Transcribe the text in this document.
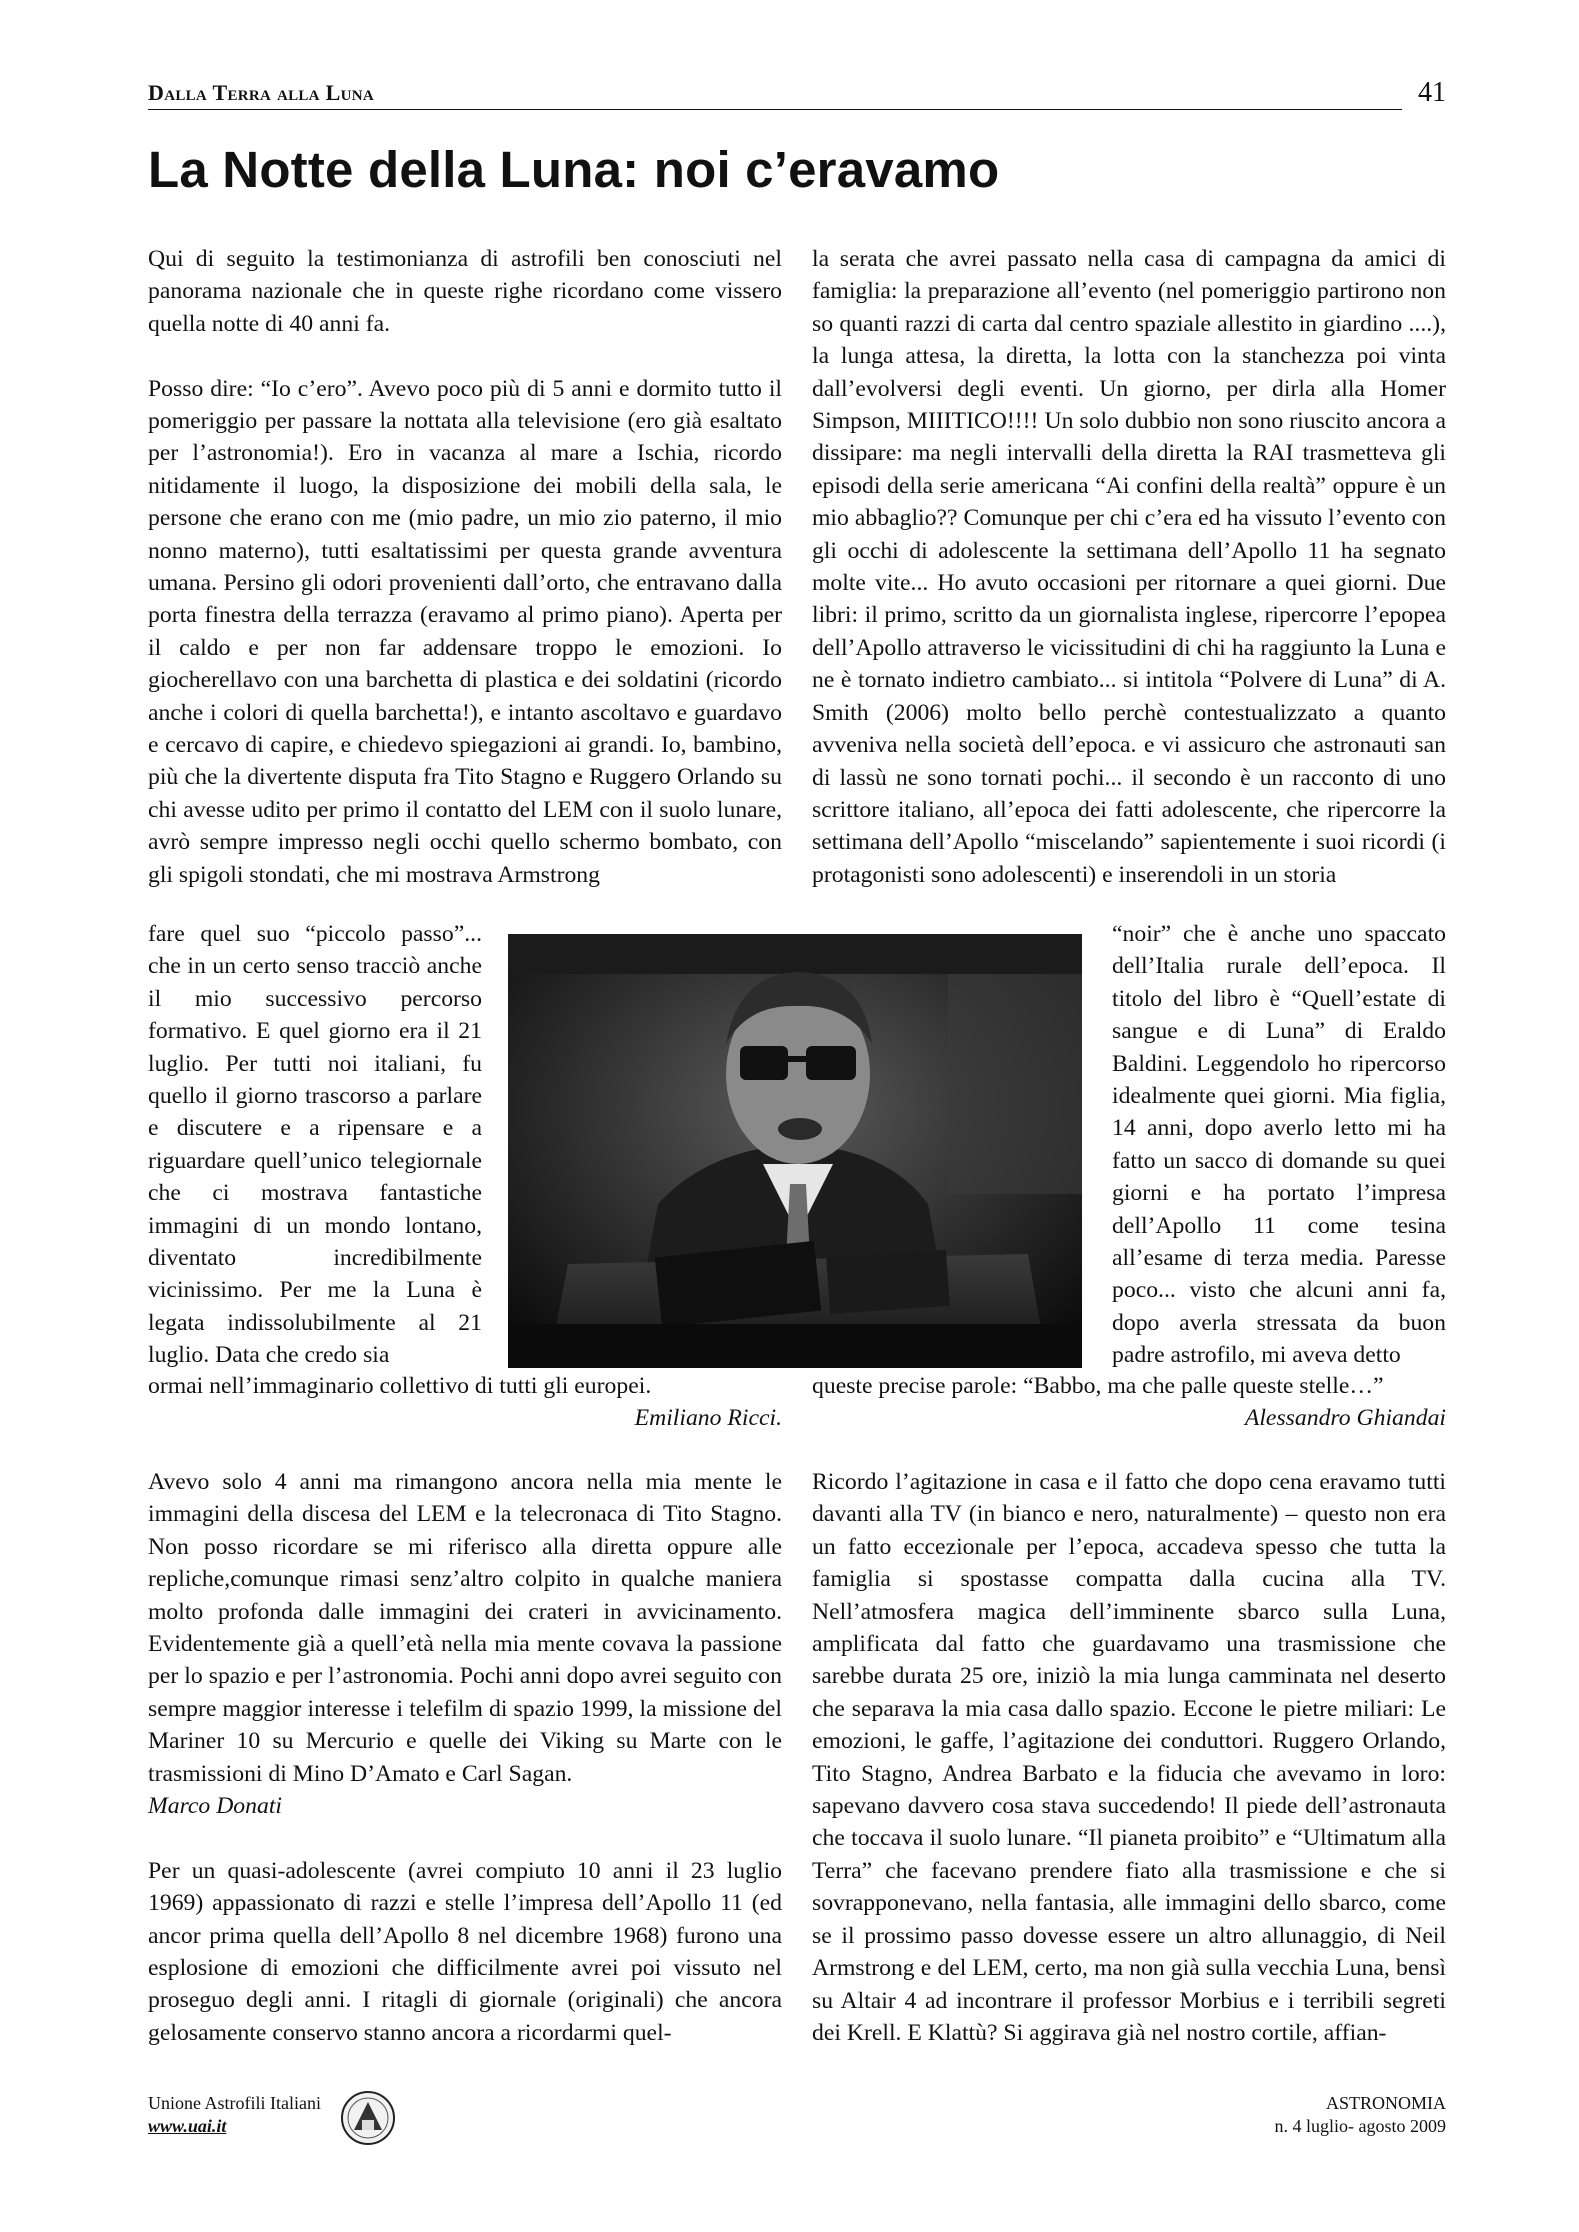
Dalla Terra alla Luna	41
La Notte della Luna: noi c’eravamo

Qui di seguito la testimonianza di astrofili ben conosciuti nel panorama nazionale che in queste righe ricordano come vissero quella notte di 40 anni fa.

Posso dire: “Io c’ero”. Avevo poco più di 5 anni e dormito tutto il pomeriggio per passare la nottata alla televisione (ero già esaltato per l’astronomia!). Ero in vacanza al mare a Ischia, ricordo nitidamente il luogo, la disposizione dei mobili della sala, le persone che erano con me (mio padre, un mio zio paterno, il mio nonno materno), tutti esaltatissimi per questa grande avventura umana. Persino gli odori provenienti dall’orto, che entravano dalla porta finestra della terrazza (eravamo al primo piano). Aperta per il caldo e per non far addensare troppo le emozioni. Io giocherellavo con una barchetta di plastica e dei soldatini (ricordo anche i colori di quella barchetta!), e intanto ascoltavo e guardavo e cercavo di capire, e chiedevo spiegazioni ai grandi. Io, bambino, più che la divertente disputa fra Tito Stagno e Ruggero Orlando su chi avesse udito per primo il contatto del LEM con il suolo lunare, avrò sempre impresso negli occhi quello schermo bombato, con gli spigoli stondati, che mi mostrava Armstrong

la serata che avrei passato nella casa di campagna da amici di famiglia: la preparazione all’evento (nel pomeriggio partirono non so quanti razzi di carta dal centro spaziale allestito in giardino ....), la lunga attesa, la diretta, la lotta con la stanchezza poi vinta dall’evolversi degli eventi. Un giorno, per dirla alla Homer Simpson, MIIITICO!!!! Un solo dubbio non sono riuscito ancora a dissipare: ma negli intervalli della diretta la RAI trasmetteva gli episodi della serie americana “Ai confini della realtà” oppure è un mio abbaglio?? Comunque per chi c’era ed ha vissuto l’evento con gli occhi di adolescente la settimana dell’Apollo 11 ha segnato molte vite... Ho avuto occasioni per ritornare a quei giorni. Due libri: il primo, scritto da un giornalista inglese, ripercorre l’epopea dell’Apollo attraverso le vicissitudini di chi ha raggiunto la Luna e ne è tornato indietro cambiato... si intitola “Polvere di Luna” di A. Smith (2006) molto bello perchè contestualizzato a quanto avveniva nella società dell’epoca. e vi assicuro che astronauti san di lassù ne sono tornati pochi... il secondo è un racconto di uno scrittore italiano, all’epoca dei fatti adolescente, che ripercorre la settimana dell’Apollo “miscelando” sapientemente i suoi ricordi (i protagonisti sono adolescenti) e inserendoli in un storia

fare quel suo “piccolo passo”... che in un certo senso tracciò anche il mio successivo percorso formativo. E quel giorno era il 21 luglio. Per tutti noi italiani, fu quello il giorno trascorso a parlare e discutere e a ripensare e a riguardare quell’unico telegiornale che ci mostrava fantastiche immagini di un mondo lontano, diventato incredibilmente vicinissimo. Per me la Luna è legata indissolubilmente al 21 luglio. Data che credo sia
“noir” che è anche uno spaccato dell’Italia rurale dell’epoca. Il titolo del libro è “Quell’estate di sangue e di Luna” di Eraldo Baldini. Leggendolo ho ripercorso idealmente quei giorni. Mia figlia, 14 anni, dopo averlo letto mi ha fatto un sacco di domande su quei giorni e ha portato l’impresa dell’Apollo 11 come tesina all’esame di terza media. Paresse poco... visto che alcuni anni fa, dopo averla stressata da buon padre astrofilo, mi aveva detto
ormai nell’immaginario collettivo di tutti gli europei.

Emiliano Ricci.

queste precise parole: “Babbo, ma che palle queste stelle…”

Alessandro Ghiandai

Avevo solo 4 anni ma rimangono ancora nella mia mente le immagini della discesa del LEM e la telecronaca di Tito Stagno. Non posso ricordare se mi riferisco alla diretta oppure alle repliche,comunque rimasi senz’altro colpito in qualche maniera molto profonda dalle immagini dei crateri in avvicinamento. Evidentemente già a quell’età nella mia mente covava la passione per lo spazio e per l’astronomia. Pochi anni dopo avrei seguito con sempre maggior interesse i telefilm di spazio 1999, la missione del Mariner 10 su Mercurio e quelle dei Viking su Marte con le trasmissioni di Mino D’Amato e Carl Sagan.

Marco Donati

Per un quasi-adolescente (avrei compiuto 10 anni il 23 luglio 1969) appassionato di razzi e stelle l’impresa dell’Apollo 11 (ed ancor prima quella dell’Apollo 8 nel dicembre 1968) furono una esplosione di emozioni che difficilmente avrei poi vissuto nel proseguo degli anni. I ritagli di giornale (originali) che ancora gelosamente conservo stanno ancora a ricordarmi quel-

Ricordo l’agitazione in casa e il fatto che dopo cena eravamo tutti davanti alla TV (in bianco e nero, naturalmente) – questo non era un fatto eccezionale per l’epoca, accadeva spesso che tutta la famiglia si spostasse compatta dalla cucina alla TV. Nell’atmosfera magica dell’imminente sbarco sulla Luna, amplificata dal fatto che guardavamo una trasmissione che sarebbe durata 25 ore, iniziò la mia lunga camminata nel deserto che separava la mia casa dallo spazio. Eccone le pietre miliari: Le emozioni, le gaffe, l’agitazione dei conduttori. Ruggero Orlando, Tito Stagno, Andrea Barbato e la fiducia che avevamo in loro: sapevano davvero cosa stava succedendo! Il piede dell’astronauta che toccava il suolo lunare. “Il pianeta proibito” e “Ultimatum alla Terra” che facevano prendere fiato alla trasmissione e che si sovrapponevano, nella fantasia, alle immagini dello sbarco, come se il prossimo passo dovesse essere un altro allunaggio, di Neil Armstrong e del LEM, certo, ma non già sulla vecchia Luna, bensì su Altair 4 ad incontrare il professor Morbius e i terribili segreti dei Krell. E Klattù? Si aggirava già nel nostro cortile, affian-

Unione Astrofili Italiani
www.uai.it
ASTRONOMIA
n. 4 luglio- agosto 2009
